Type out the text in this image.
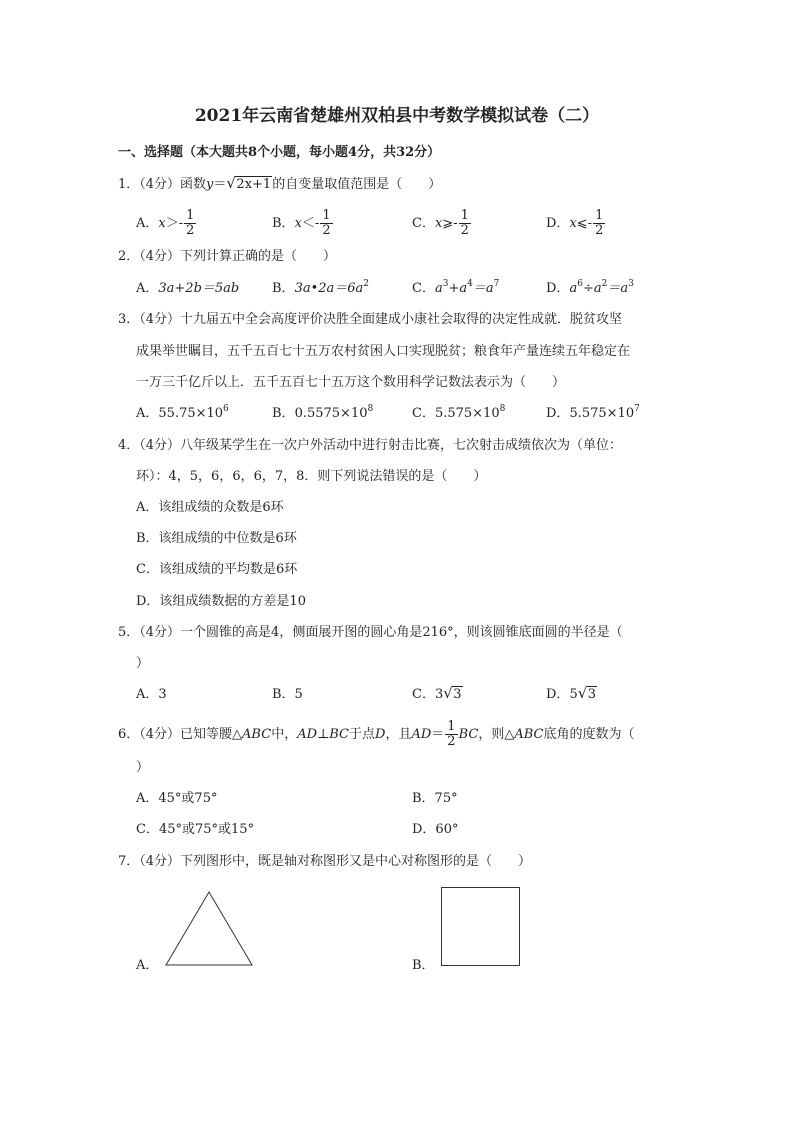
2021年云南省楚雄州双柏县中考数学模拟试卷（二）
一、选择题（本大题共8个小题，每小题4分，共32分）
1．（4分）函数y＝ √ 2x+1的自变量取值范围是（　　）
A．$x>- \frac{1}{2}$	B．$x<- \frac{1}{2}$	C．x⩾- $\frac{1}{2}$	D．x⩽- $\frac{1}{2}$
2．（4分）下列计算正确的是（　　）
A．3a+2b＝5ab	B．$3a•2a=6a^2$	C．$a^3+a^4=a^7$	D．$a^6\div a^2=a^3$
3．（4分）十九届五中全会高度评价决胜全面建成小康社会取得的决定性成就．脱贫攻坚
成果举世瞩目，五千五百七十五万农村贫困人口实现脱贫；粮食年产量连续五年稳定在
一万三千亿斤以上．五千五百七十五万这个数用科学记数法表示为（　　）
A．$55.75\times 10^6$	B．$0.5575\times 10^8$	C．$5.575\times 10^8$	D．$5.575\times 10^7$
4．（4分）八年级某学生在一次户外活动中进行射击比赛，七次射击成绩依次为（单位：
环）：4，5，6，6，6，7，8．则下列说法错误的是（　　）
A．该组成绩的众数是6环
B．该组成绩的中位数是6环
C．该组成绩的平均数是6环
D．该组成绩数据的方差是10
5．（4分）一个圆锥的高是4，侧面展开图的圆心角是216°，则该圆锥底面圆的半径是（
）
A．3	B．5	C．3 √ 3	D．5 √ 3
6．（4分）已知等腰△ABC中，AD⊥BC于点D，且$AD= \frac{1}{2}$ BC，则△ABC底角的度数为（
）
A．45°或75°	B．75°
C．45°或75°或15°	D．60°
7．（4分）下列图形中，既是轴对称图形又是中心对称图形的是（　　）
A．	B．
